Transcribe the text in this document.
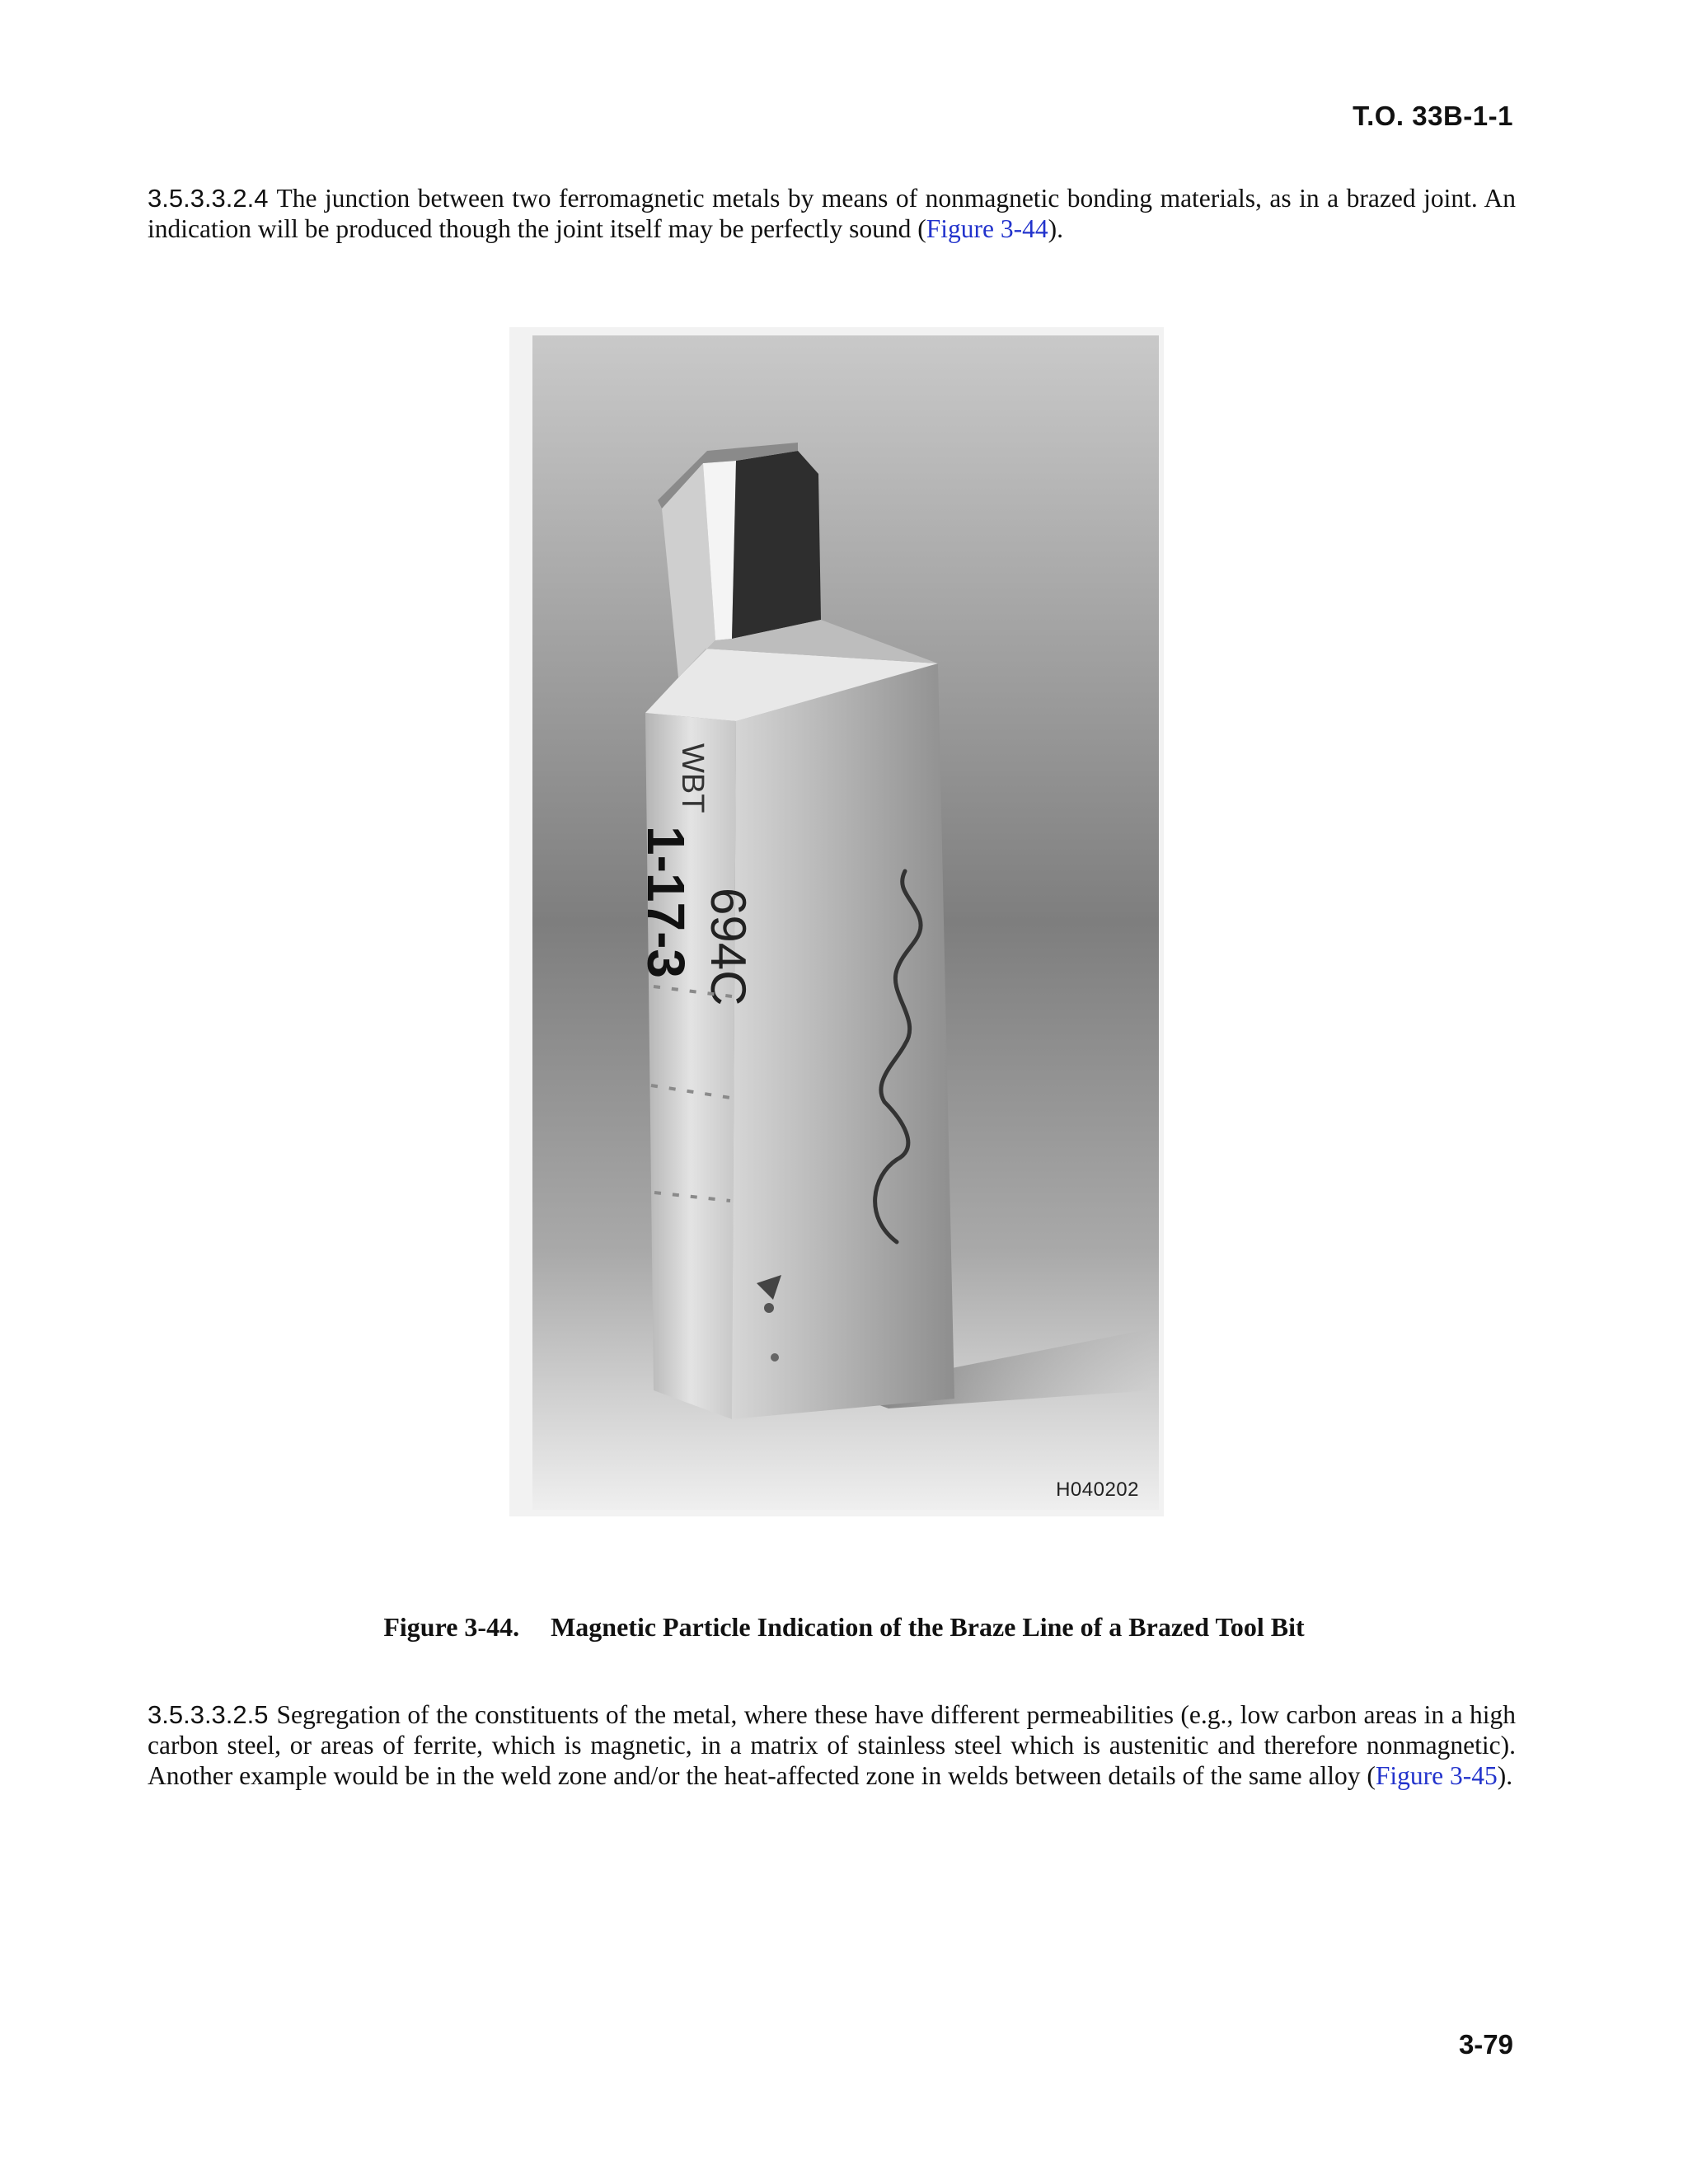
T.O. 33B-1-1
3.5.3.3.2.4 The junction between two ferromagnetic metals by means of nonmagnetic bonding materials, as in a brazed joint. An indication will be produced though the joint itself may be perfectly sound (Figure 3-44).
WBT
694C
1-17-3
H040202
Figure 3-44. Magnetic Particle Indication of the Braze Line of a Brazed Tool Bit
3.5.3.3.2.5 Segregation of the constituents of the metal, where these have different permeabilities (e.g., low carbon areas in a high carbon steel, or areas of ferrite, which is magnetic, in a matrix of stainless steel which is austenitic and therefore nonmagnetic). Another example would be in the weld zone and/or the heat-affected zone in welds between details of the same alloy (Figure 3-45).
3-79
